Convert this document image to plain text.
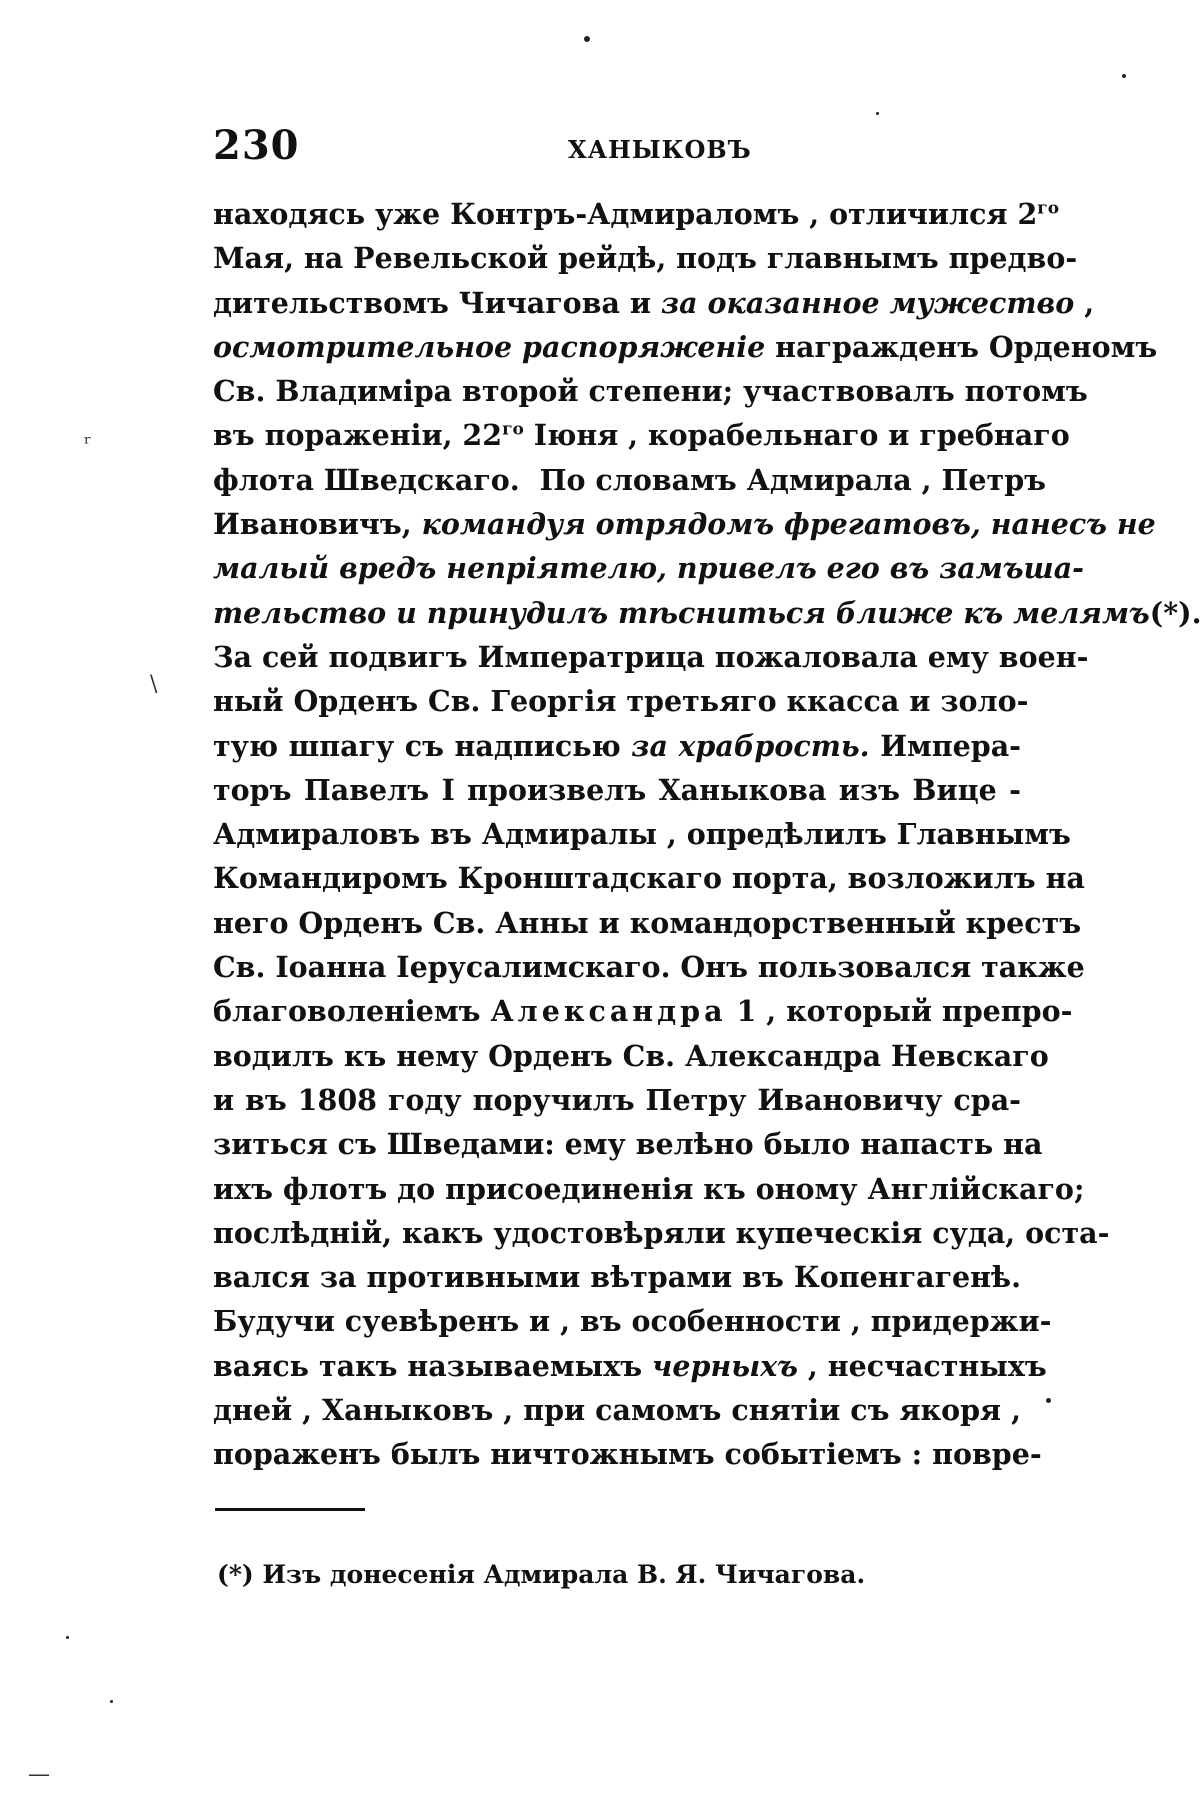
ʳ
\
—
230	ХАНЫКОВЪ
находясь уже Контръ-Адмираломъ , отличился $2^{го}$
Мая, на Ревельской рейдѣ, подъ главнымъ предво-
дительствомъ Чичагова и за оказанное мужество ,
осмотрительное распоряженіе награжденъ Орденомъ
Св. Владиміра второй степени; участвовалъ потомъ
въ пораженіи, $22^{го}$ Іюня , корабельнаго и гребнаго
флота Шведскаго.  По словамъ Адмирала , Петръ
Ивановичъ, командуя отрядомъ фрегатовъ, нанесъ не
малый вредъ непріятелю, привелъ его въ замъша-
тельство и принудилъ тѣсниться ближе къ мелямъ(*).
За сей подвигъ Императрица пожаловала ему воен-
ный Орденъ Св. Георгія третьяго ккасса и золо-
тую шпагу съ надписью за храбрость. Импера-
торъ Павелъ I произвелъ Ханыкова изъ Вице -
Адмираловъ въ Адмиралы , опредѣлилъ Главнымъ
Командиромъ Кронштадскаго порта, возложилъ на
него Орденъ Св. Анны и командорственный крестъ
Св. Іоанна Іерусалимскаго. Онъ пользовался также
благоволеніемъ Александра 1 , который препро-
водилъ къ нему Орденъ Св. Александра Невскаго
и въ 1808 году поручилъ Петру Ивановичу сра-
зиться съ Шведами: ему велѣно было напасть на
ихъ флотъ до присоединенія къ оному Англійскаго;
послѣдній, какъ удостовѣряли купеческія суда, оста-
вался за противными вѣтрами въ Копенгагенѣ.
Будучи суевѣренъ и , въ особенности , придержи-
ваясь такъ называемыхъ черныхъ , несчастныхъ
дней , Ханыковъ , при самомъ снятіи съ якоря ,
пораженъ былъ ничтожнымъ событіемъ : повре-
(*) Изъ донесенія Адмирала В. Я. Чичагова.
